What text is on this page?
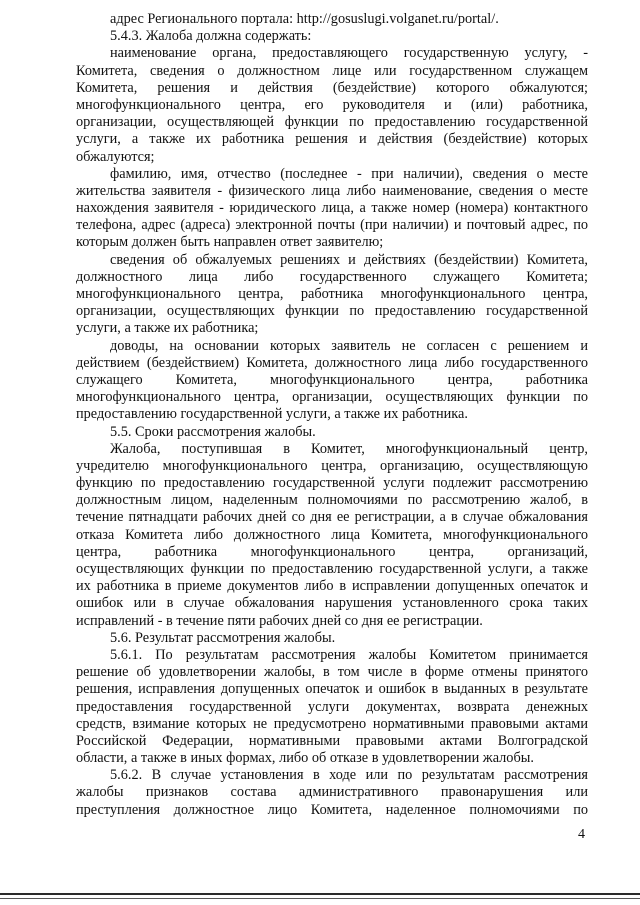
адрес Регионального портала: http://gosuslugi.volganet.ru/portal/.
5.4.3. Жалоба должна содержать:
наименование органа, предоставляющего государственную услугу, -
Комитета, сведения о должностном лице или государственном служащем
Комитета, решения и действия (бездействие) которого обжалуются;
многофункционального центра, его руководителя и (или) работника,
организации, осуществляющей функции по предоставлению государственной
услуги, а также их работника решения и действия (бездействие) которых
обжалуются;
фамилию, имя, отчество (последнее - при наличии), сведения о месте
жительства заявителя - физического лица либо наименование, сведения о месте
нахождения заявителя - юридического лица, а также номер (номера) контактного
телефона, адрес (адреса) электронной почты (при наличии) и почтовый адрес, по
которым должен быть направлен ответ заявителю;
сведения об обжалуемых решениях и действиях (бездействии) Комитета,
должностного лица либо государственного служащего Комитета;
многофункционального центра, работника многофункционального центра,
организации, осуществляющих функции по предоставлению государственной
услуги, а также их работника;
доводы, на основании которых заявитель не согласен с решением и
действием (бездействием) Комитета, должностного лица либо государственного
служащего Комитета, многофункционального центра, работника
многофункционального центра, организации, осуществляющих функции по
предоставлению государственной услуги, а также их работника.
5.5. Сроки рассмотрения жалобы.
Жалоба, поступившая в Комитет, многофункциональный центр,
учредителю многофункционального центра, организацию, осуществляющую
функцию по предоставлению государственной услуги подлежит рассмотрению
должностным лицом, наделенным полномочиями по рассмотрению жалоб, в
течение пятнадцати рабочих дней со дня ее регистрации, а в случае обжалования
отказа Комитета либо должностного лица Комитета, многофункционального
центра, работника многофункционального центра, организаций,
осуществляющих функции по предоставлению государственной услуги, а также
их работника в приеме документов либо в исправлении допущенных опечаток и
ошибок или в случае обжалования нарушения установленного срока таких
исправлений - в течение пяти рабочих дней со дня ее регистрации.
5.6. Результат рассмотрения жалобы.
5.6.1. По результатам рассмотрения жалобы Комитетом принимается
решение об удовлетворении жалобы, в том числе в форме отмены принятого
решения, исправления допущенных опечаток и ошибок в выданных в результате
предоставления государственной услуги документах, возврата денежных
средств, взимание которых не предусмотрено нормативными правовыми актами
Российской Федерации, нормативными правовыми актами Волгоградской
области, а также в иных формах, либо об отказе в удовлетворении жалобы.
5.6.2. В случае установления в ходе или по результатам рассмотрения
жалобы признаков состава административного правонарушения или
преступления должностное лицо Комитета, наделенное полномочиями по
4
